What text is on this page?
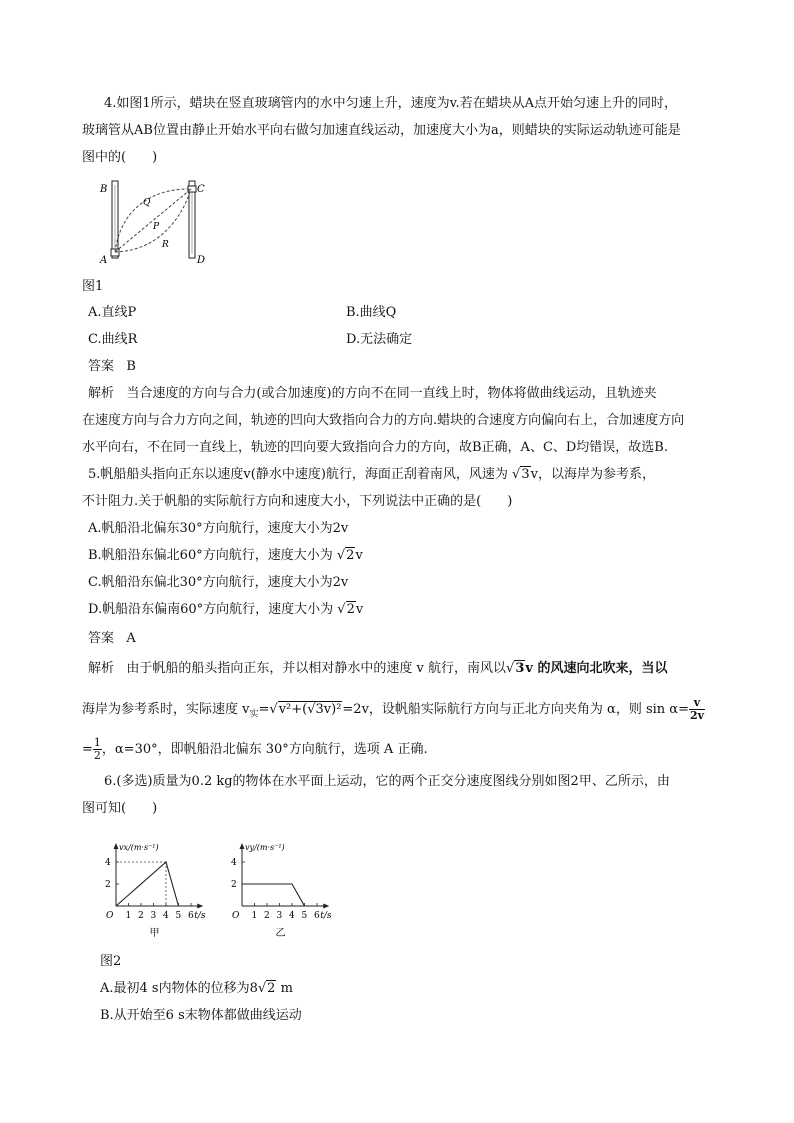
4.如图1所示，蜡块在竖直玻璃管内的水中匀速上升，速度为v.若在蜡块从A点开始匀速上升的同时，
玻璃管从AB位置由静止开始水平向右做匀加速直线运动，加速度大小为a，则蜡块的实际运动轨迹可能是
图中的(　　)
B	C
A	D
Q
P
R
图1
A.直线P	B.曲线Q
C.曲线R	D.无法确定
答案 B
解析 当合速度的方向与合力(或合加速度)的方向不在同一直线上时，物体将做曲线运动，且轨迹夹
在速度方向与合力方向之间，轨迹的凹向大致指向合力的方向.蜡块的合速度方向偏向右上，合加速度方向
水平向右，不在同一直线上，轨迹的凹向要大致指向合力的方向，故B正确，A、C、D均错误，故选B.
5.帆船船头指向正东以速度v(静水中速度)航行，海面正刮着南风，风速为 √3v，以海岸为参考系，
不计阻力.关于帆船的实际航行方向和速度大小，下列说法中正确的是(　　)
A.帆船沿北偏东30°方向航行，速度大小为2v
B.帆船沿东偏北60°方向航行，速度大小为 √2v
C.帆船沿东偏北30°方向航行，速度大小为2v
D.帆船沿东偏南60°方向航行，速度大小为 √2v
答案 A
解析 由于帆船的船头指向正东，并以相对静水中的速度 v 航行，南风以√3v 的风速向北吹来，当以
海岸为参考系时，实际速度 $v_实=√v^2+(√3v)^2=2v$，设帆船实际航行方向与正北方向夹角为 α，则 $\sin \alpha= \frac{v}{2v}$
= $\frac{1}{2}$ ，α=30°，即帆船沿北偏东 30°方向航行，选项 A 正确.
6.(多选)质量为0.2 kg的物体在水平面上运动，它的两个正交分速度图线分别如图2甲、乙所示，由
图可知(　　)
vx/(m·s⁻¹)
t/s
O 1 2 3 4 5 6
2
4
甲
vy/(m·s⁻¹)
t/s
O 1 2 3 4 5 6
2
4
乙
图2
A.最初4 s内物体的位移为8√2 m
B.从开始至6 s末物体都做曲线运动
